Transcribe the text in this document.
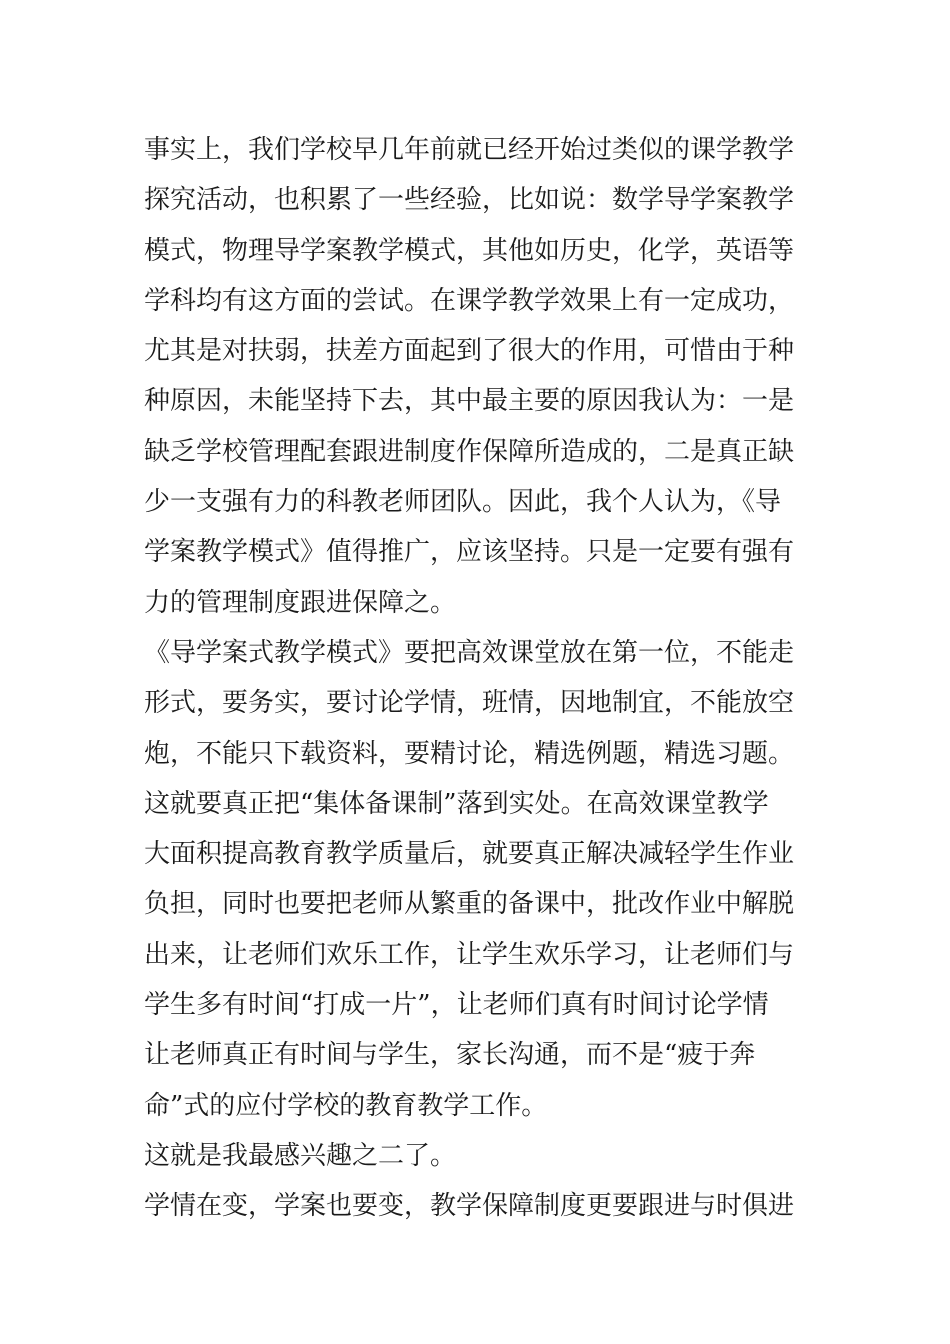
事实上，我们学校早几年前就已经开始过类似的课学教学
探究活动，也积累了一些经验，比如说：数学导学案教学
模式，物理导学案教学模式，其他如历史，化学，英语等
学科均有这方面的尝试。在课学教学效果上有一定成功，
尤其是对扶弱，扶差方面起到了很大的作用，可惜由于种
种原因，未能坚持下去，其中最主要的原因我认为：一是
缺乏学校管理配套跟进制度作保障所造成的，二是真正缺
少一支强有力的科教老师团队。因此，我个人认为，《导
学案教学模式》值得推广，应该坚持。只是一定要有强有
力的管理制度跟进保障之。
《导学案式教学模式》要把高效课堂放在第一位，不能走
形式，要务实，要讨论学情，班情，因地制宜，不能放空
炮，不能只下载资料，要精讨论，精选例题，精选习题。
这就要真正把“集体备课制”落到实处。在高效课堂教学
大面积提高教育教学质量后，就要真正解决减轻学生作业
负担，同时也要把老师从繁重的备课中，批改作业中解脱
出来，让老师们欢乐工作，让学生欢乐学习，让老师们与
学生多有时间“打成一片”，让老师们真有时间讨论学情
让老师真正有时间与学生，家长沟通，而不是“疲于奔
命”式的应付学校的教育教学工作。
这就是我最感兴趣之二了。
学情在变，学案也要变，教学保障制度更要跟进与时俱进
